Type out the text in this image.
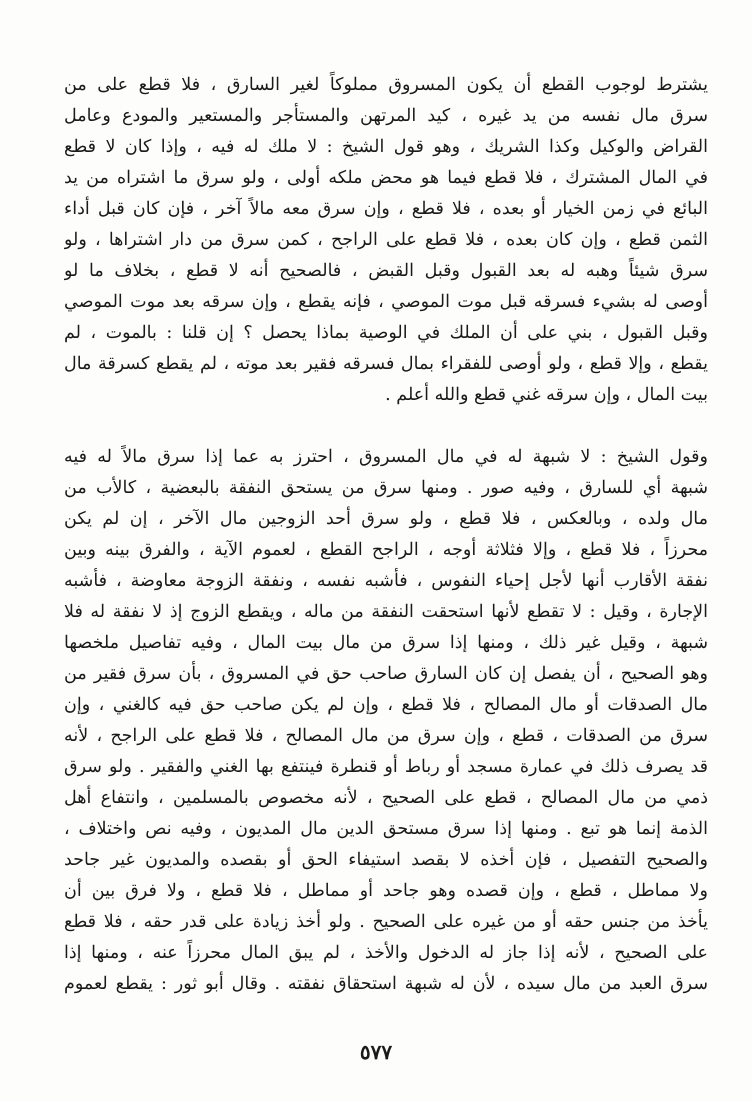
يشترط لوجوب القطع أن يكون المسروق مملوكاً لغير السارق ، فلا قطع على من
سرق مال نفسه من يد غيره ، كيد المرتهن والمستأجر والمستعير والمودع وعامل
القراض والوكيل وكذا الشريك ، وهو قول الشيخ : لا ملك له فيه ، وإذا كان لا قطع
في المال المشترك ، فلا قطع فيما هو محض ملكه أولى ، ولو سرق ما اشتراه من يد
البائع في زمن الخيار أو بعده ، فلا قطع ، وإن سرق معه مالاً آخر ، فإن كان قبل أداء
الثمن قطع ، وإن كان بعده ، فلا قطع على الراجح ، كمن سرق من دار اشتراها ، ولو
سرق شيئاً وهبه له بعد القبول وقبل القبض ، فالصحيح أنه لا قطع ، بخلاف ما لو
أوصى له بشيء فسرقه قبل موت الموصي ، فإنه يقطع ، وإن سرقه بعد موت الموصي
وقبل القبول ، بني على أن الملك في الوصية بماذا يحصل ؟ إن قلنا : بالموت ، لم
يقطع ، وإلا قطع ، ولو أوصى للفقراء بمال فسرقه فقير بعد موته ، لم يقطع كسرقة مال
بيت المال ، وإن سرقه غني قطع والله أعلم .
وقول الشيخ : لا شبهة له في مال المسروق ، احترز به عما إذا سرق مالاً له فيه
شبهة أي للسارق ، وفيه صور . ومنها سرق من يستحق النفقة بالبعضية ، كالأب من
مال ولده ، وبالعكس ، فلا قطع ، ولو سرق أحد الزوجين مال الآخر ، إن لم يكن
محرزاً ، فلا قطع ، وإلا فثلاثة أوجه ، الراجح القطع ، لعموم الآية ، والفرق بينه وبين
نفقة الأقارب أنها لأجل إحياء النفوس ، فأشبه نفسه ، ونفقة الزوجة معاوضة ، فأشبه
الإجارة ، وقيل : لا تقطع لأنها استحقت النفقة من ماله ، ويقطع الزوج إذ لا نفقة له فلا
شبهة ، وقيل غير ذلك ، ومنها إذا سرق من مال بيت المال ، وفيه تفاصيل ملخصها
وهو الصحيح ، أن يفصل إن كان السارق صاحب حق في المسروق ، بأن سرق فقير من
مال الصدقات أو مال المصالح ، فلا قطع ، وإن لم يكن صاحب حق فيه كالغني ، وإن
سرق من الصدقات ، قطع ، وإن سرق من مال المصالح ، فلا قطع على الراجح ، لأنه
قد يصرف ذلك في عمارة مسجد أو رباط أو قنطرة فينتفع بها الغني والفقير . ولو سرق
ذمي من مال المصالح ، قطع على الصحيح ، لأنه مخصوص بالمسلمين ، وانتفاع أهل
الذمة إنما هو تبع . ومنها إذا سرق مستحق الدين مال المديون ، وفيه نص واختلاف ،
والصحيح التفصيل ، فإن أخذه لا بقصد استيفاء الحق أو بقصده والمديون غير جاحد
ولا مماطل ، قطع ، وإن قصده وهو جاحد أو مماطل ، فلا قطع ، ولا فرق بين أن
يأخذ من جنس حقه أو من غيره على الصحيح . ولو أخذ زيادة على قدر حقه ، فلا قطع
على الصحيح ، لأنه إذا جاز له الدخول والأخذ ، لم يبق المال محرزاً عنه ، ومنها إذا
سرق العبد من مال سيده ، لأن له شبهة استحقاق نفقته . وقال أبو ثور : يقطع لعموم
٥٧٧
